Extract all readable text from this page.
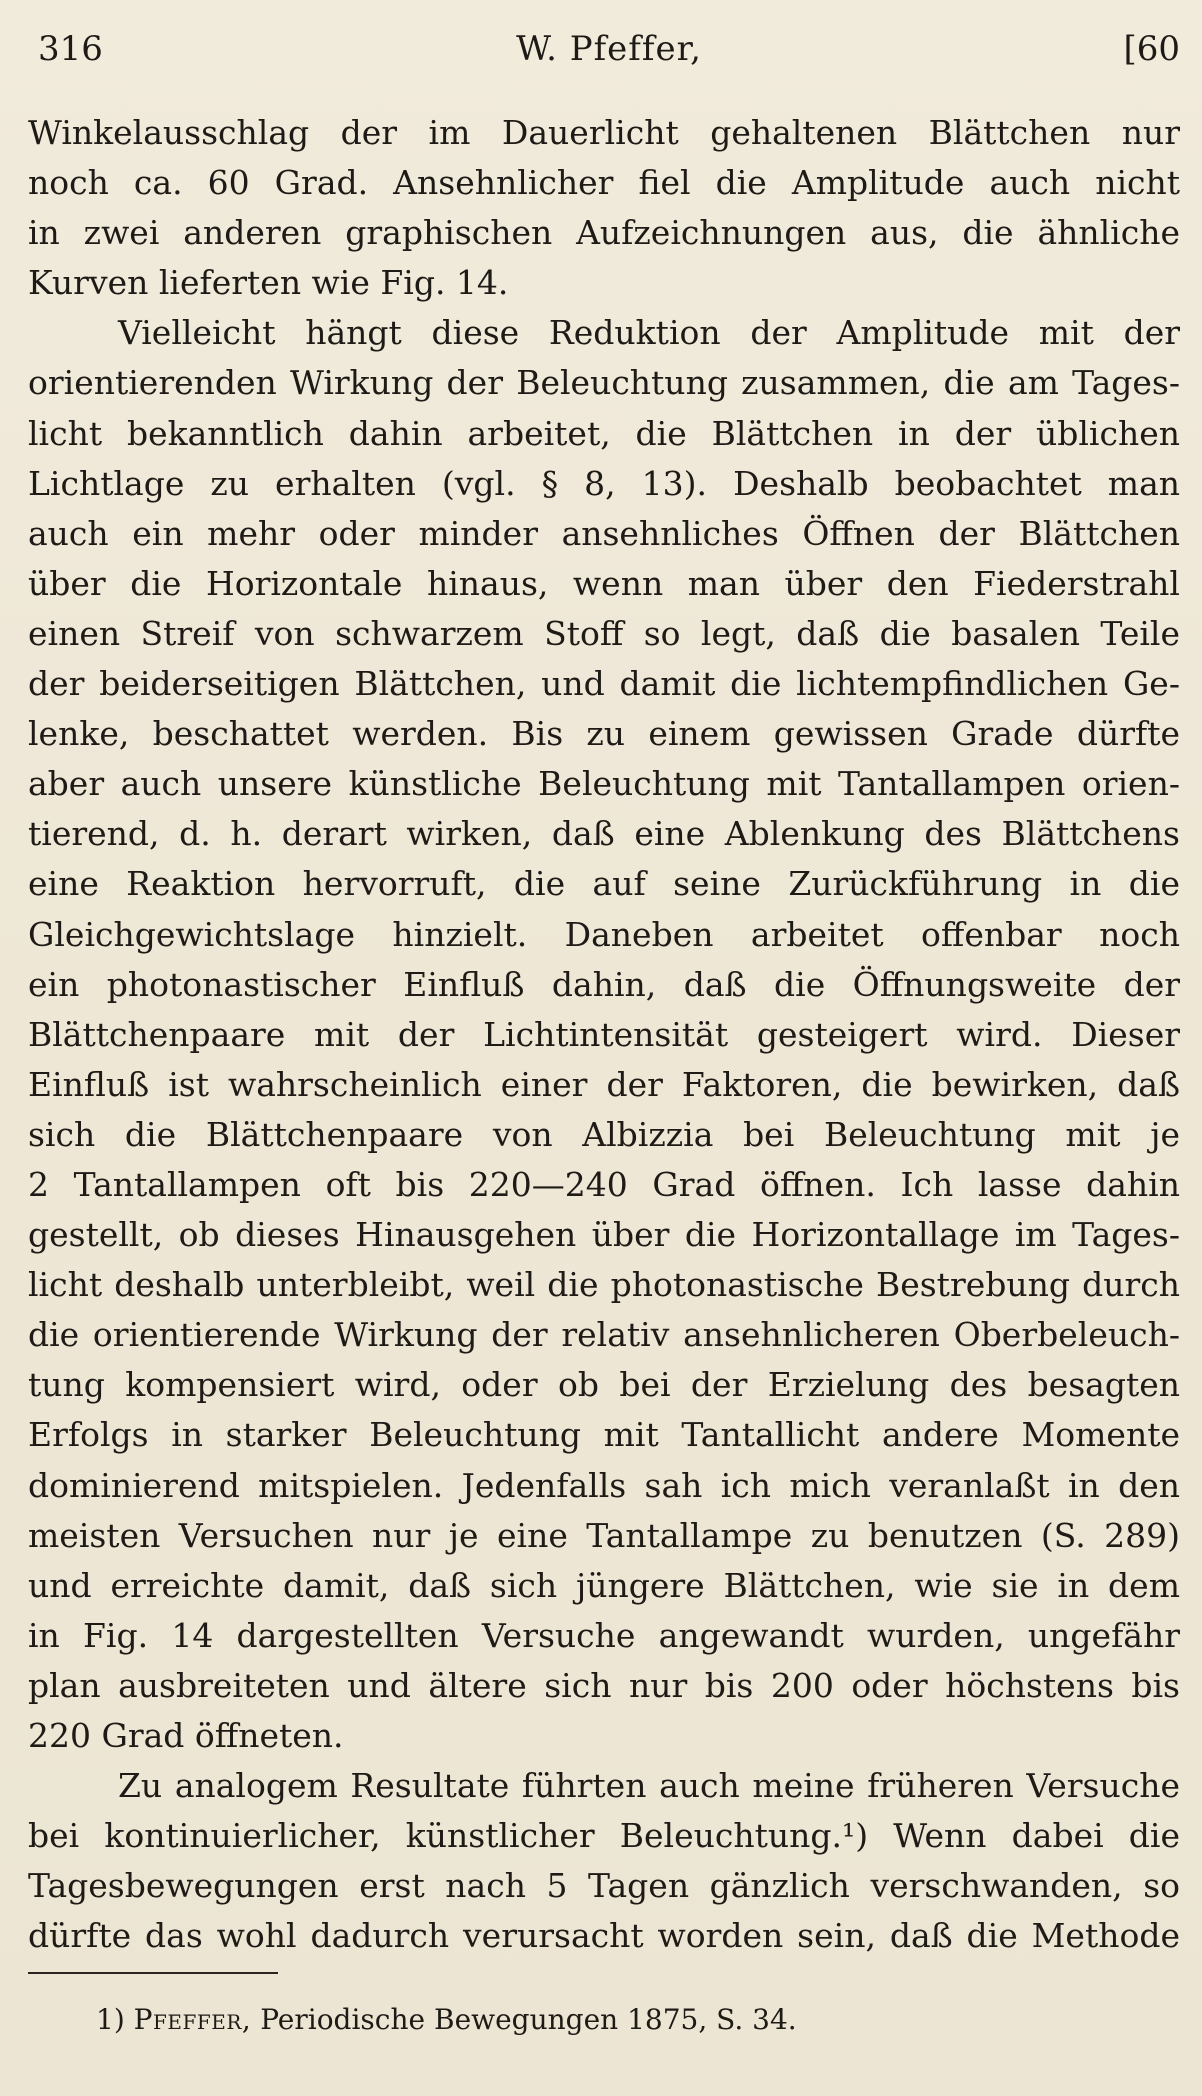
316	W. Pfeffer,	[60
Winkelausschlag der im Dauerlicht gehaltenen Blättchen nur
noch ca. 60 Grad. Ansehnlicher fiel die Amplitude auch nicht
in zwei anderen graphischen Aufzeichnungen aus, die ähnliche
Kurven lieferten wie Fig. 14.
Vielleicht hängt diese Reduktion der Amplitude mit der
orientierenden Wirkung der Beleuchtung zusammen, die am Tages-
licht bekanntlich dahin arbeitet, die Blättchen in der üblichen
Lichtlage zu erhalten (vgl. § 8, 13). Deshalb beobachtet man
auch ein mehr oder minder ansehnliches Öffnen der Blättchen
über die Horizontale hinaus, wenn man über den Fiederstrahl
einen Streif von schwarzem Stoff so legt, daß die basalen Teile
der beiderseitigen Blättchen, und damit die lichtempfindlichen Ge-
lenke, beschattet werden. Bis zu einem gewissen Grade dürfte
aber auch unsere künstliche Beleuchtung mit Tantallampen orien-
tierend, d. h. derart wirken, daß eine Ablenkung des Blättchens
eine Reaktion hervorruft, die auf seine Zurückführung in die
Gleichgewichtslage hinzielt. Daneben arbeitet offenbar noch
ein photonastischer Einfluß dahin, daß die Öffnungsweite der
Blättchenpaare mit der Lichtintensität gesteigert wird. Dieser
Einfluß ist wahrscheinlich einer der Faktoren, die bewirken, daß
sich die Blättchenpaare von Albizzia bei Beleuchtung mit je
2 Tantallampen oft bis 220—240 Grad öffnen. Ich lasse dahin
gestellt, ob dieses Hinausgehen über die Horizontallage im Tages-
licht deshalb unterbleibt, weil die photonastische Bestrebung durch
die orientierende Wirkung der relativ ansehnlicheren Oberbeleuch-
tung kompensiert wird, oder ob bei der Erzielung des besagten
Erfolgs in starker Beleuchtung mit Tantallicht andere Momente
dominierend mitspielen. Jedenfalls sah ich mich veranlaßt in den
meisten Versuchen nur je eine Tantallampe zu benutzen (S. 289)
und erreichte damit, daß sich jüngere Blättchen, wie sie in dem
in Fig. 14 dargestellten Versuche angewandt wurden, ungefähr
plan ausbreiteten und ältere sich nur bis 200 oder höchstens bis
220 Grad öffneten.
Zu analogem Resultate führten auch meine früheren Versuche
bei kontinuierlicher, künstlicher Beleuchtung.¹) Wenn dabei die
Tagesbewegungen erst nach 5 Tagen gänzlich verschwanden, so
dürfte das wohl dadurch verursacht worden sein, daß die Methode
1) Pfeffer, Periodische Bewegungen 1875, S. 34.
